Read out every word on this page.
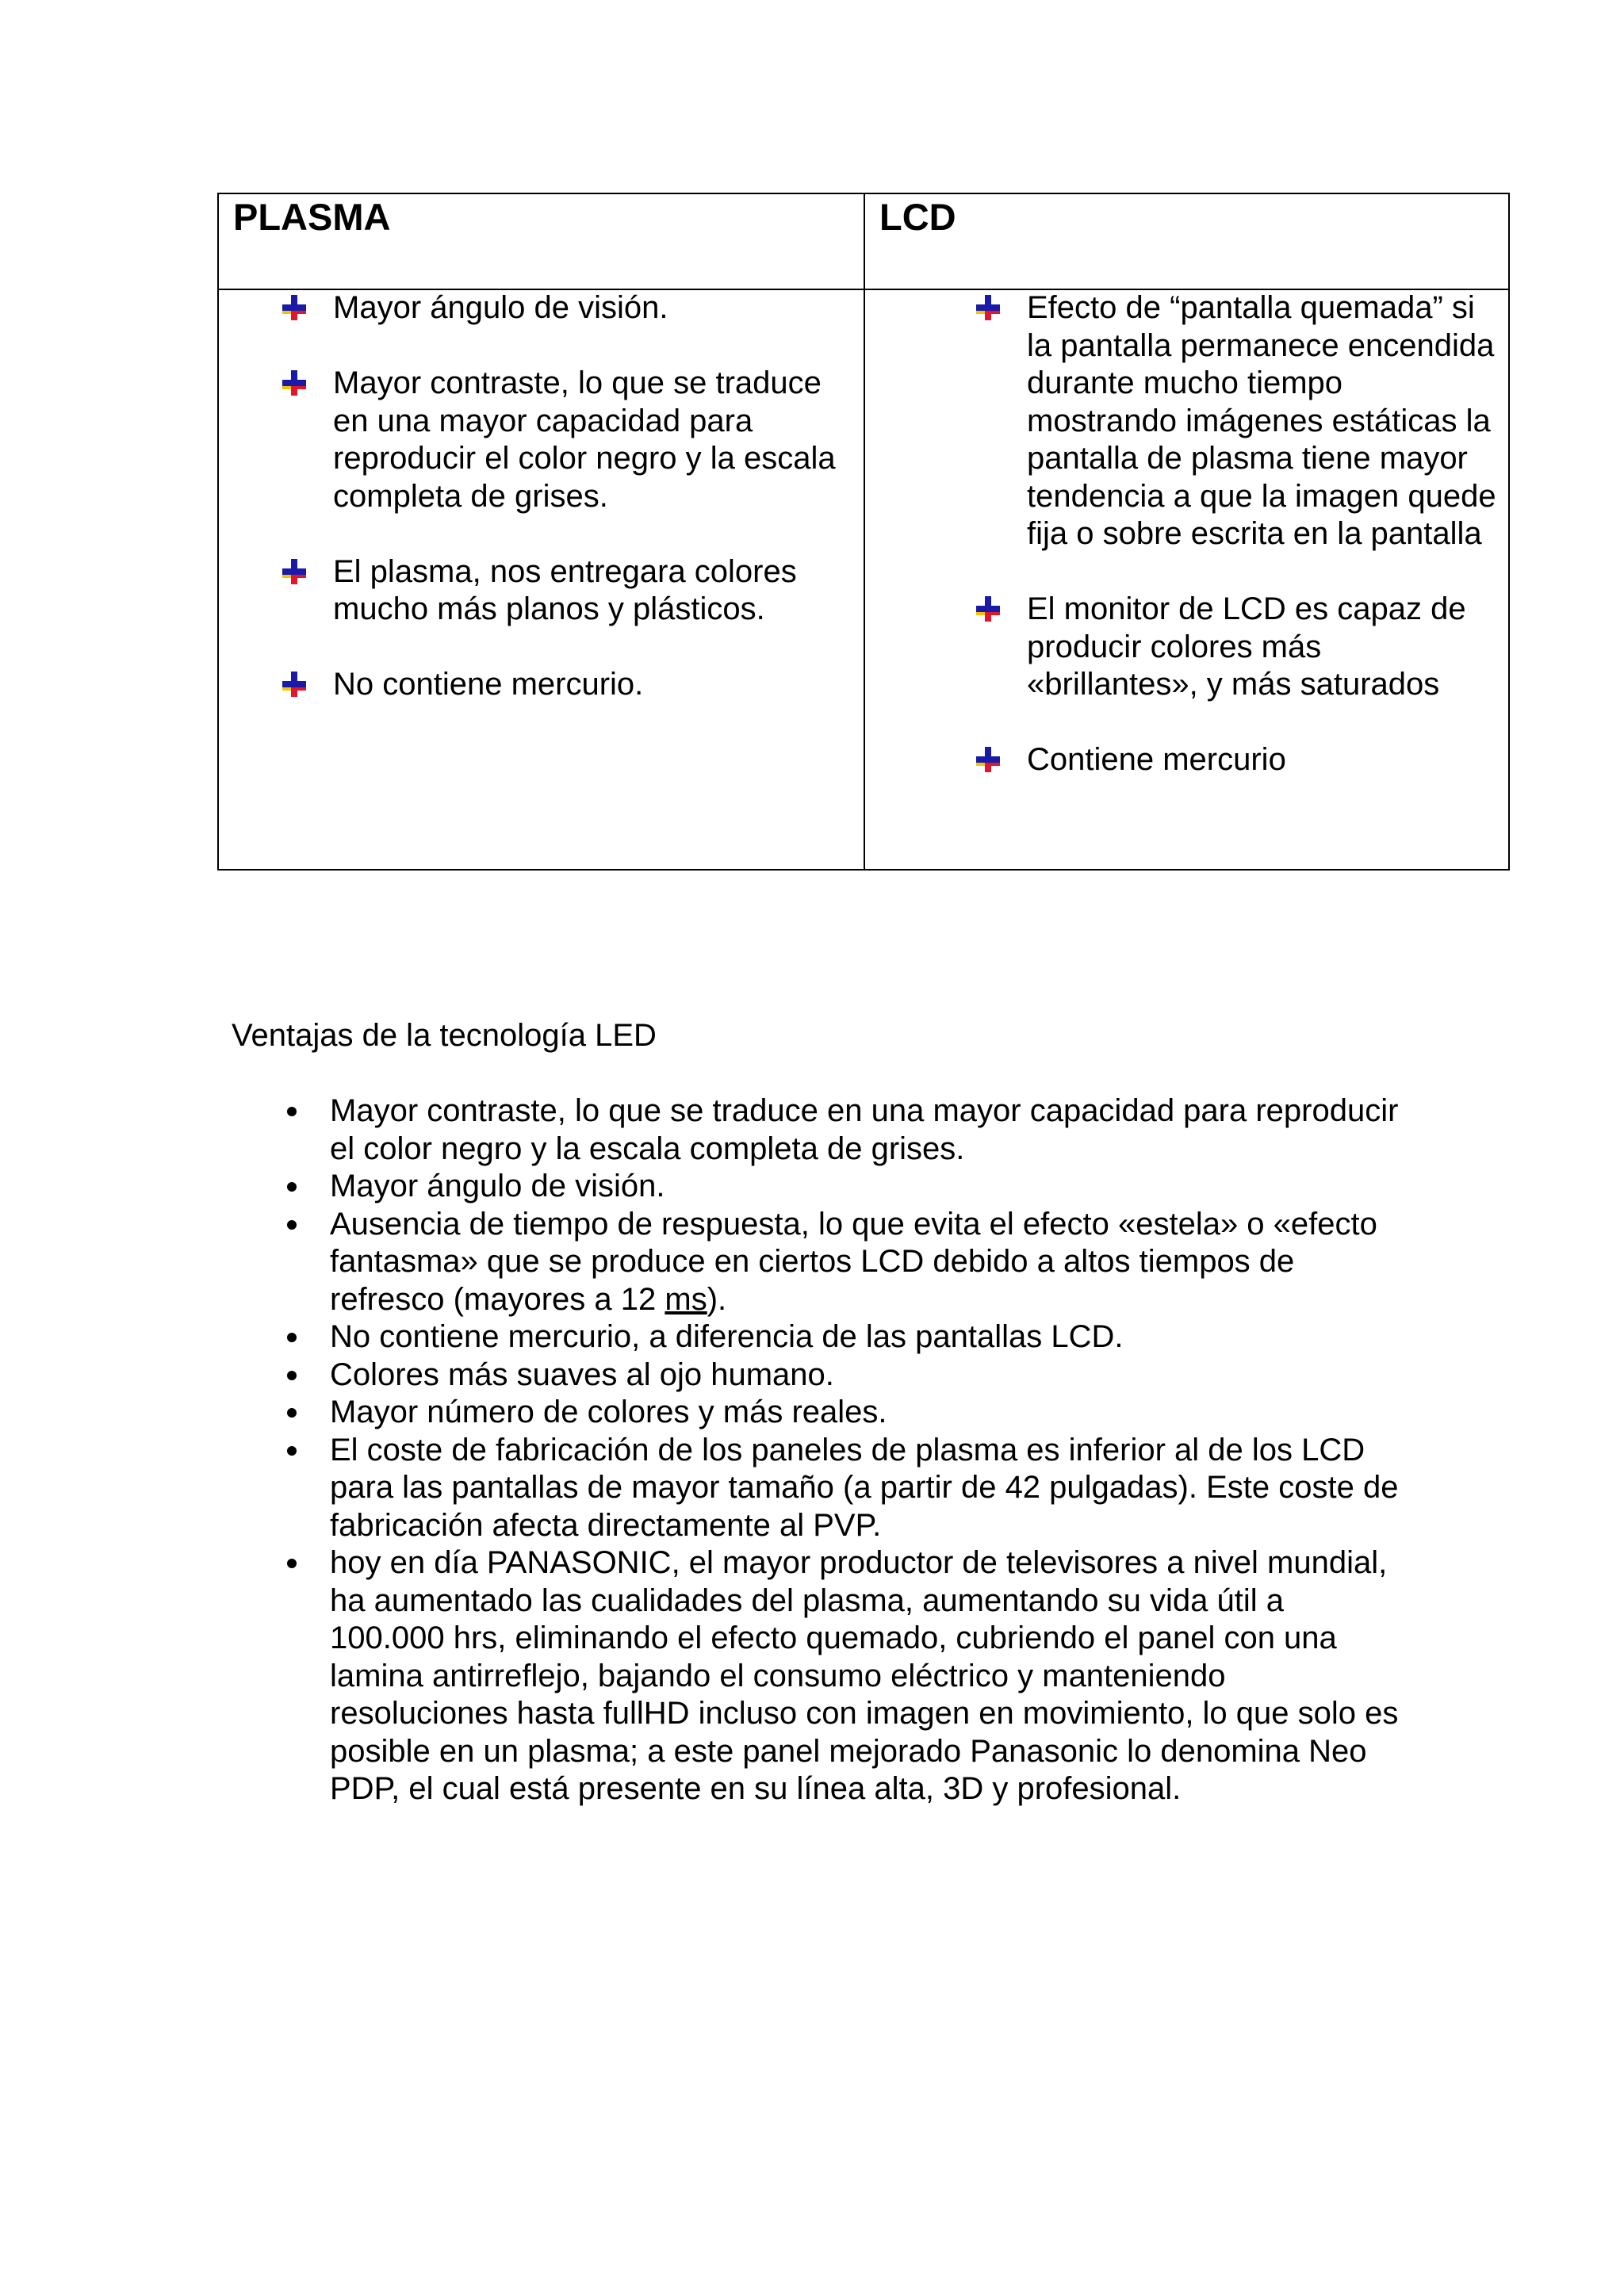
PLASMA	LCD
Mayor ángulo de visión.
Mayor contraste, lo que se traduce en una mayor capacidad para reproducir el color negro y la escala completa de grises.
El plasma, nos entregara colores mucho más planos y plásticos.
No contiene mercurio.
Efecto de “pantalla quemada” si la pantalla permanece encendida durante mucho tiempo mostrando imágenes estáticas la pantalla de plasma tiene mayor tendencia a que la imagen quede fija o sobre escrita en la pantalla
El monitor de LCD es capaz de producir colores más «brillantes», y más saturados
Contiene mercurio
Ventajas de la tecnología LED
Mayor contraste, lo que se traduce en una mayor capacidad para reproducir el color negro y la escala completa de grises.
Mayor ángulo de visión.
Ausencia de tiempo de respuesta, lo que evita el efecto «estela» o «efecto fantasma» que se produce en ciertos LCD debido a altos tiempos de refresco (mayores a 12 ms).
No contiene mercurio, a diferencia de las pantallas LCD.
Colores más suaves al ojo humano.
Mayor número de colores y más reales.
El coste de fabricación de los paneles de plasma es inferior al de los LCD para las pantallas de mayor tamaño (a partir de 42 pulgadas). Este coste de fabricación afecta directamente al PVP.
hoy en día PANASONIC, el mayor productor de televisores a nivel mundial, ha aumentado las cualidades del plasma, aumentando su vida útil a 100.000 hrs, eliminando el efecto quemado, cubriendo el panel con una lamina antirreflejo, bajando el consumo eléctrico y manteniendo resoluciones hasta fullHD incluso con imagen en movimiento, lo que solo es posible en un plasma; a este panel mejorado Panasonic lo denomina Neo PDP, el cual está presente en su línea alta, 3D y profesional.
